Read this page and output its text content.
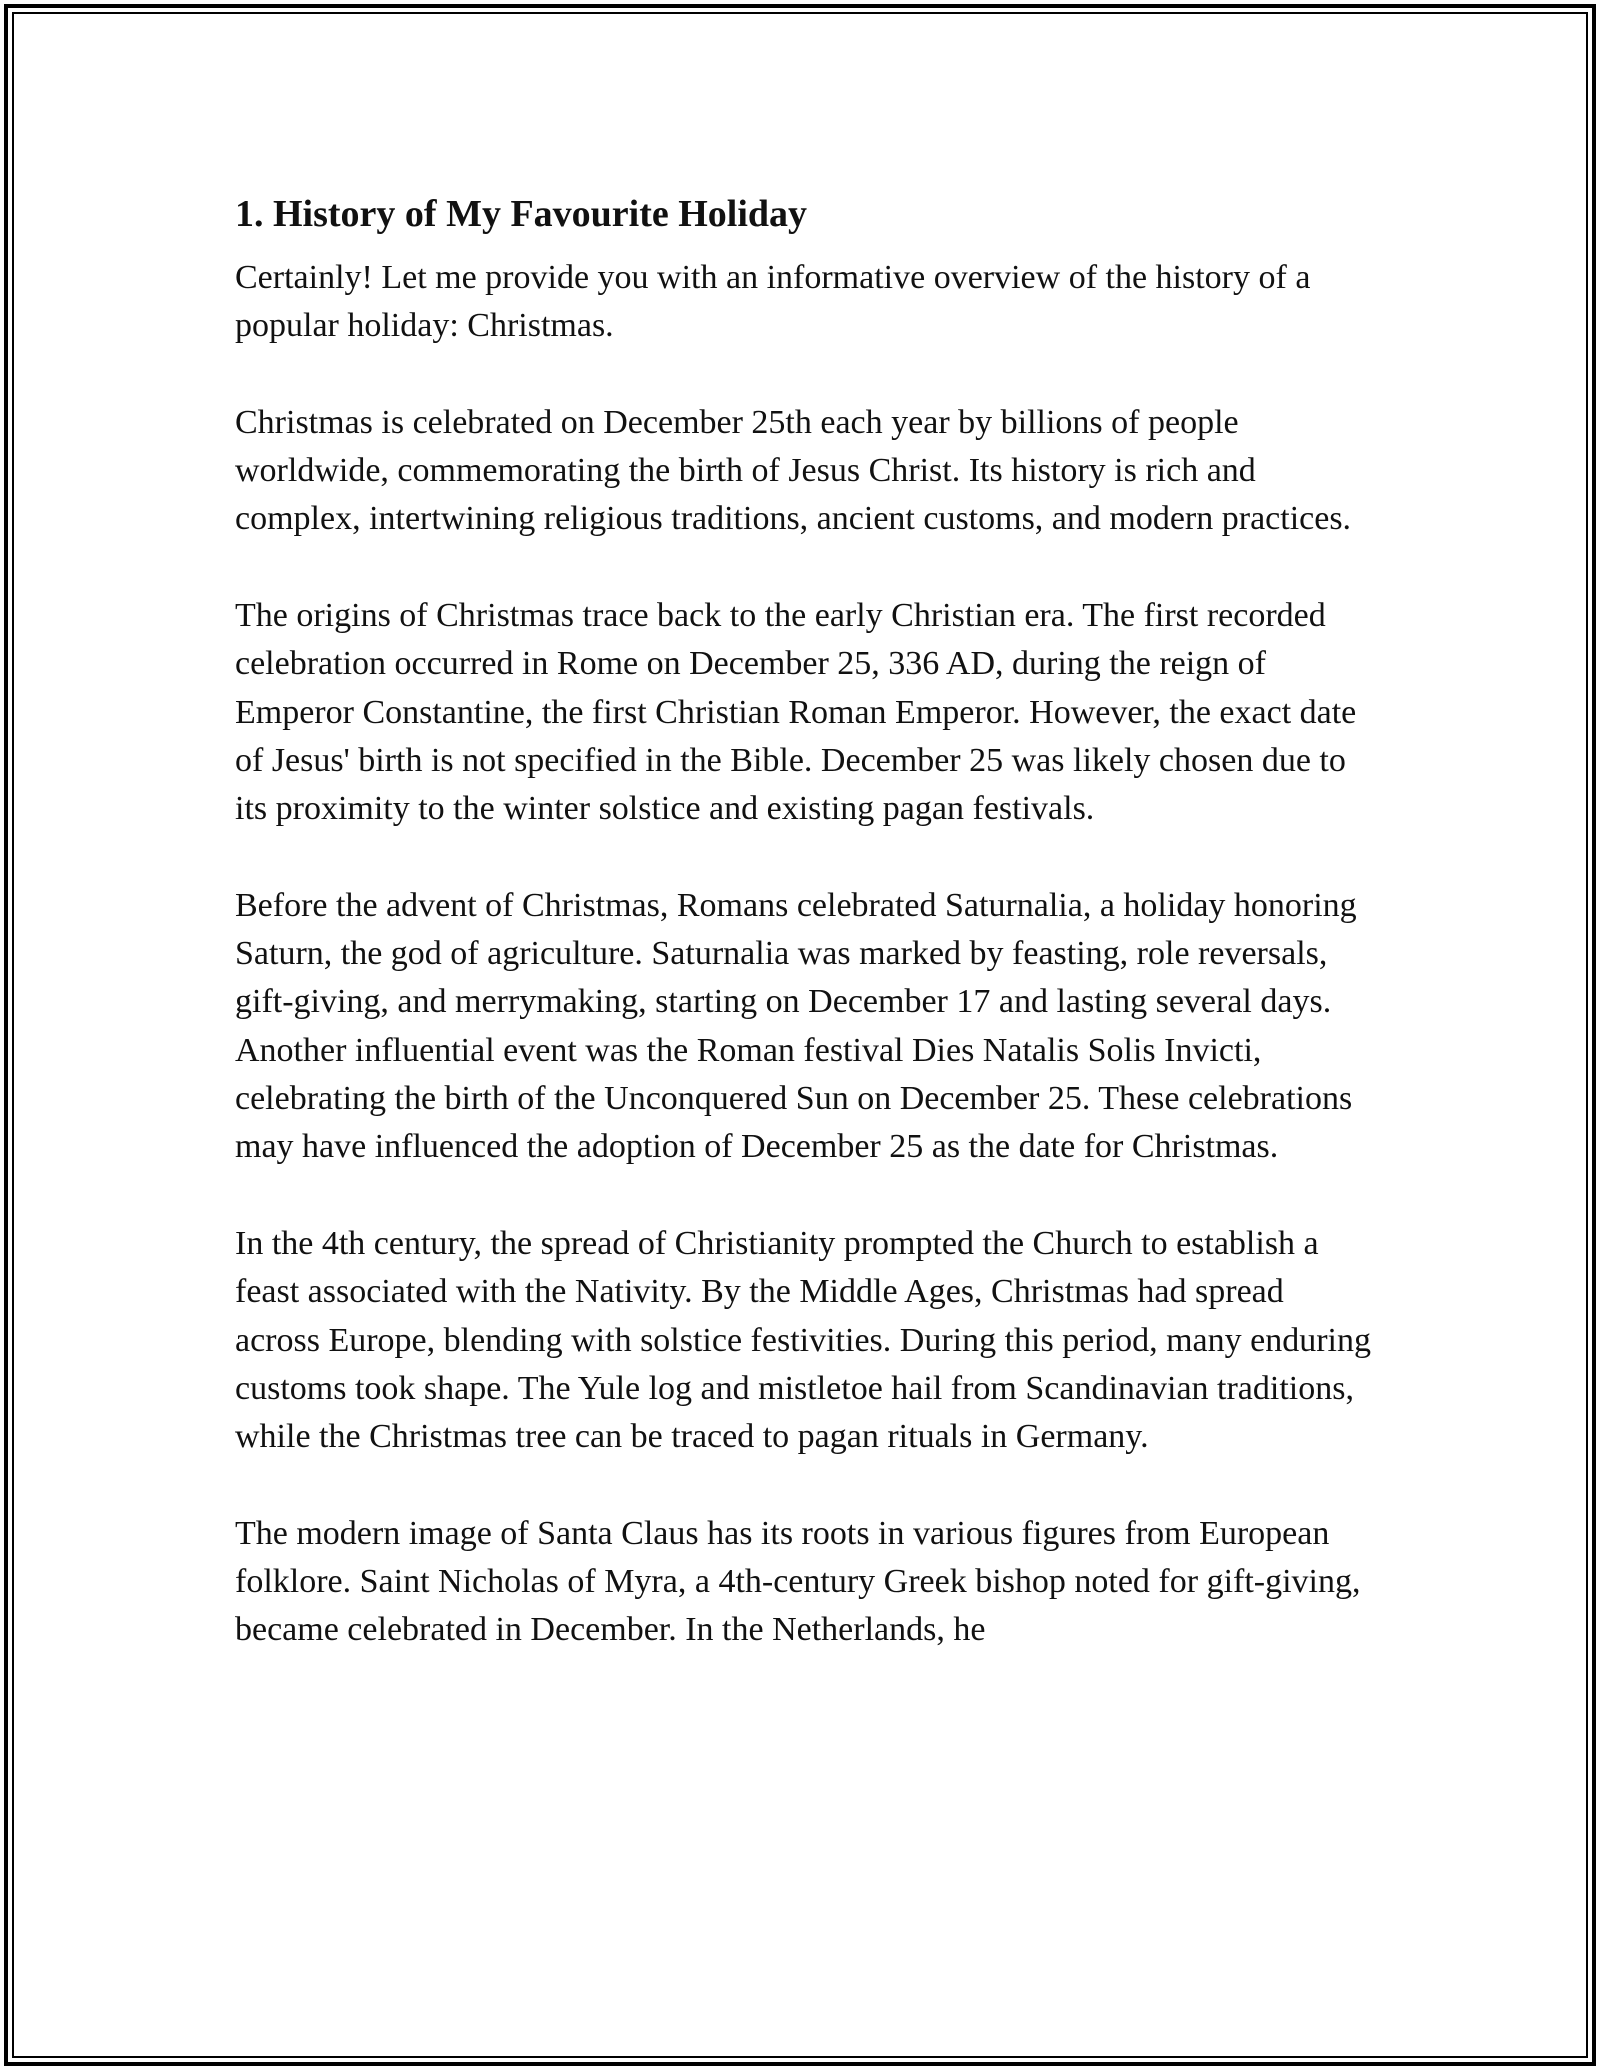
1. History of My Favourite Holiday

Certainly! Let me provide you with an informative overview of the history of a popular holiday: Christmas.

Christmas is celebrated on December 25th each year by billions of people worldwide, commemorating the birth of Jesus Christ. Its history is rich and complex, intertwining religious traditions, ancient customs, and modern practices.

The origins of Christmas trace back to the early Christian era. The first recorded celebration occurred in Rome on December 25, 336 AD, during the reign of Emperor Constantine, the first Christian Roman Emperor. However, the exact date of Jesus' birth is not specified in the Bible. December 25 was likely chosen due to its proximity to the winter solstice and existing pagan festivals.

Before the advent of Christmas, Romans celebrated Saturnalia, a holiday honoring Saturn, the god of agriculture. Saturnalia was marked by feasting, role reversals, gift-giving, and merrymaking, starting on December 17 and lasting several days. Another influential event was the Roman festival Dies Natalis Solis Invicti, celebrating the birth of the Unconquered Sun on December 25. These celebrations may have influenced the adoption of December 25 as the date for Christmas.

In the 4th century, the spread of Christianity prompted the Church to establish a feast associated with the Nativity. By the Middle Ages, Christmas had spread across Europe, blending with solstice festivities. During this period, many enduring customs took shape. The Yule log and mistletoe hail from Scandinavian traditions, while the Christmas tree can be traced to pagan rituals in Germany.

The modern image of Santa Claus has its roots in various figures from European folklore. Saint Nicholas of Myra, a 4th-century Greek bishop noted for gift-giving, became celebrated in December. In the Netherlands, he
